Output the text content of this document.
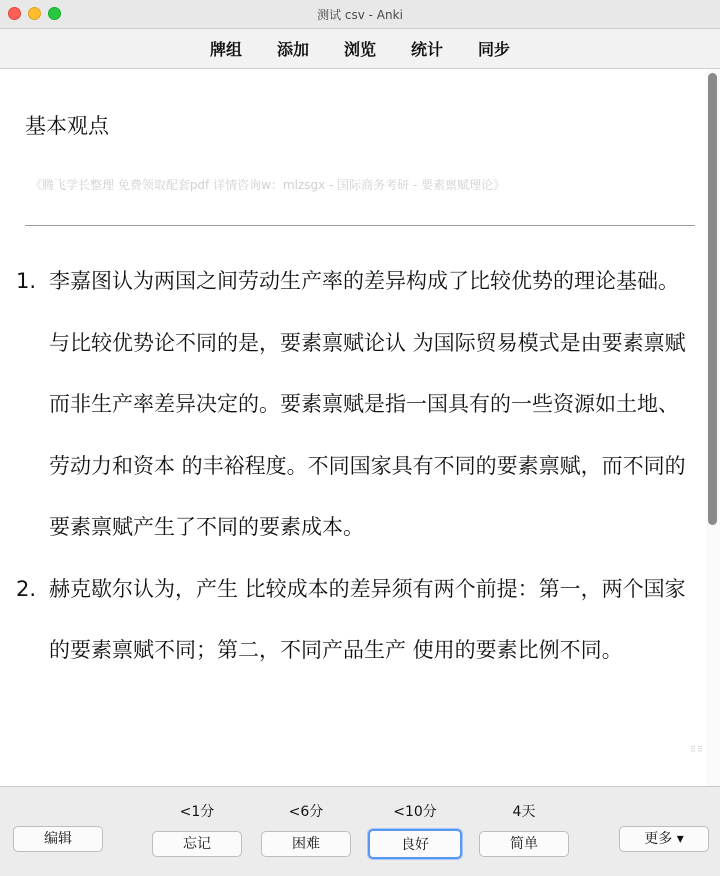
测试 csv - Anki
牌组 添加 浏览 统计 同步
基本观点
《腾飞学长整理 免费领取配套pdf 详情咨询w：mlzsgx - 国际商务考研 - 要素禀赋理论》
1. 李嘉图认为两国之间劳动生产率的差异构成了比较优势的理论基础。与比较优势论不同的是，要素禀赋论认 为国际贸易模式是由要素禀赋而非生产率差异决定的。要素禀赋是指一国具有的一些资源如土地、劳动力和资本 的丰裕程度。不同国家具有不同的要素禀赋，而不同的要素禀赋产生了不同的要素成本。
2. 赫克歇尔认为，产生 比较成本的差异须有两个前提：第一，两个国家的要素禀赋不同；第二，不同产品生产 使用的要素比例不同。
⠿⠿
编辑
<1分	<6分	<10分	4天
忘记	困难	良好	简单	更多 ▾
